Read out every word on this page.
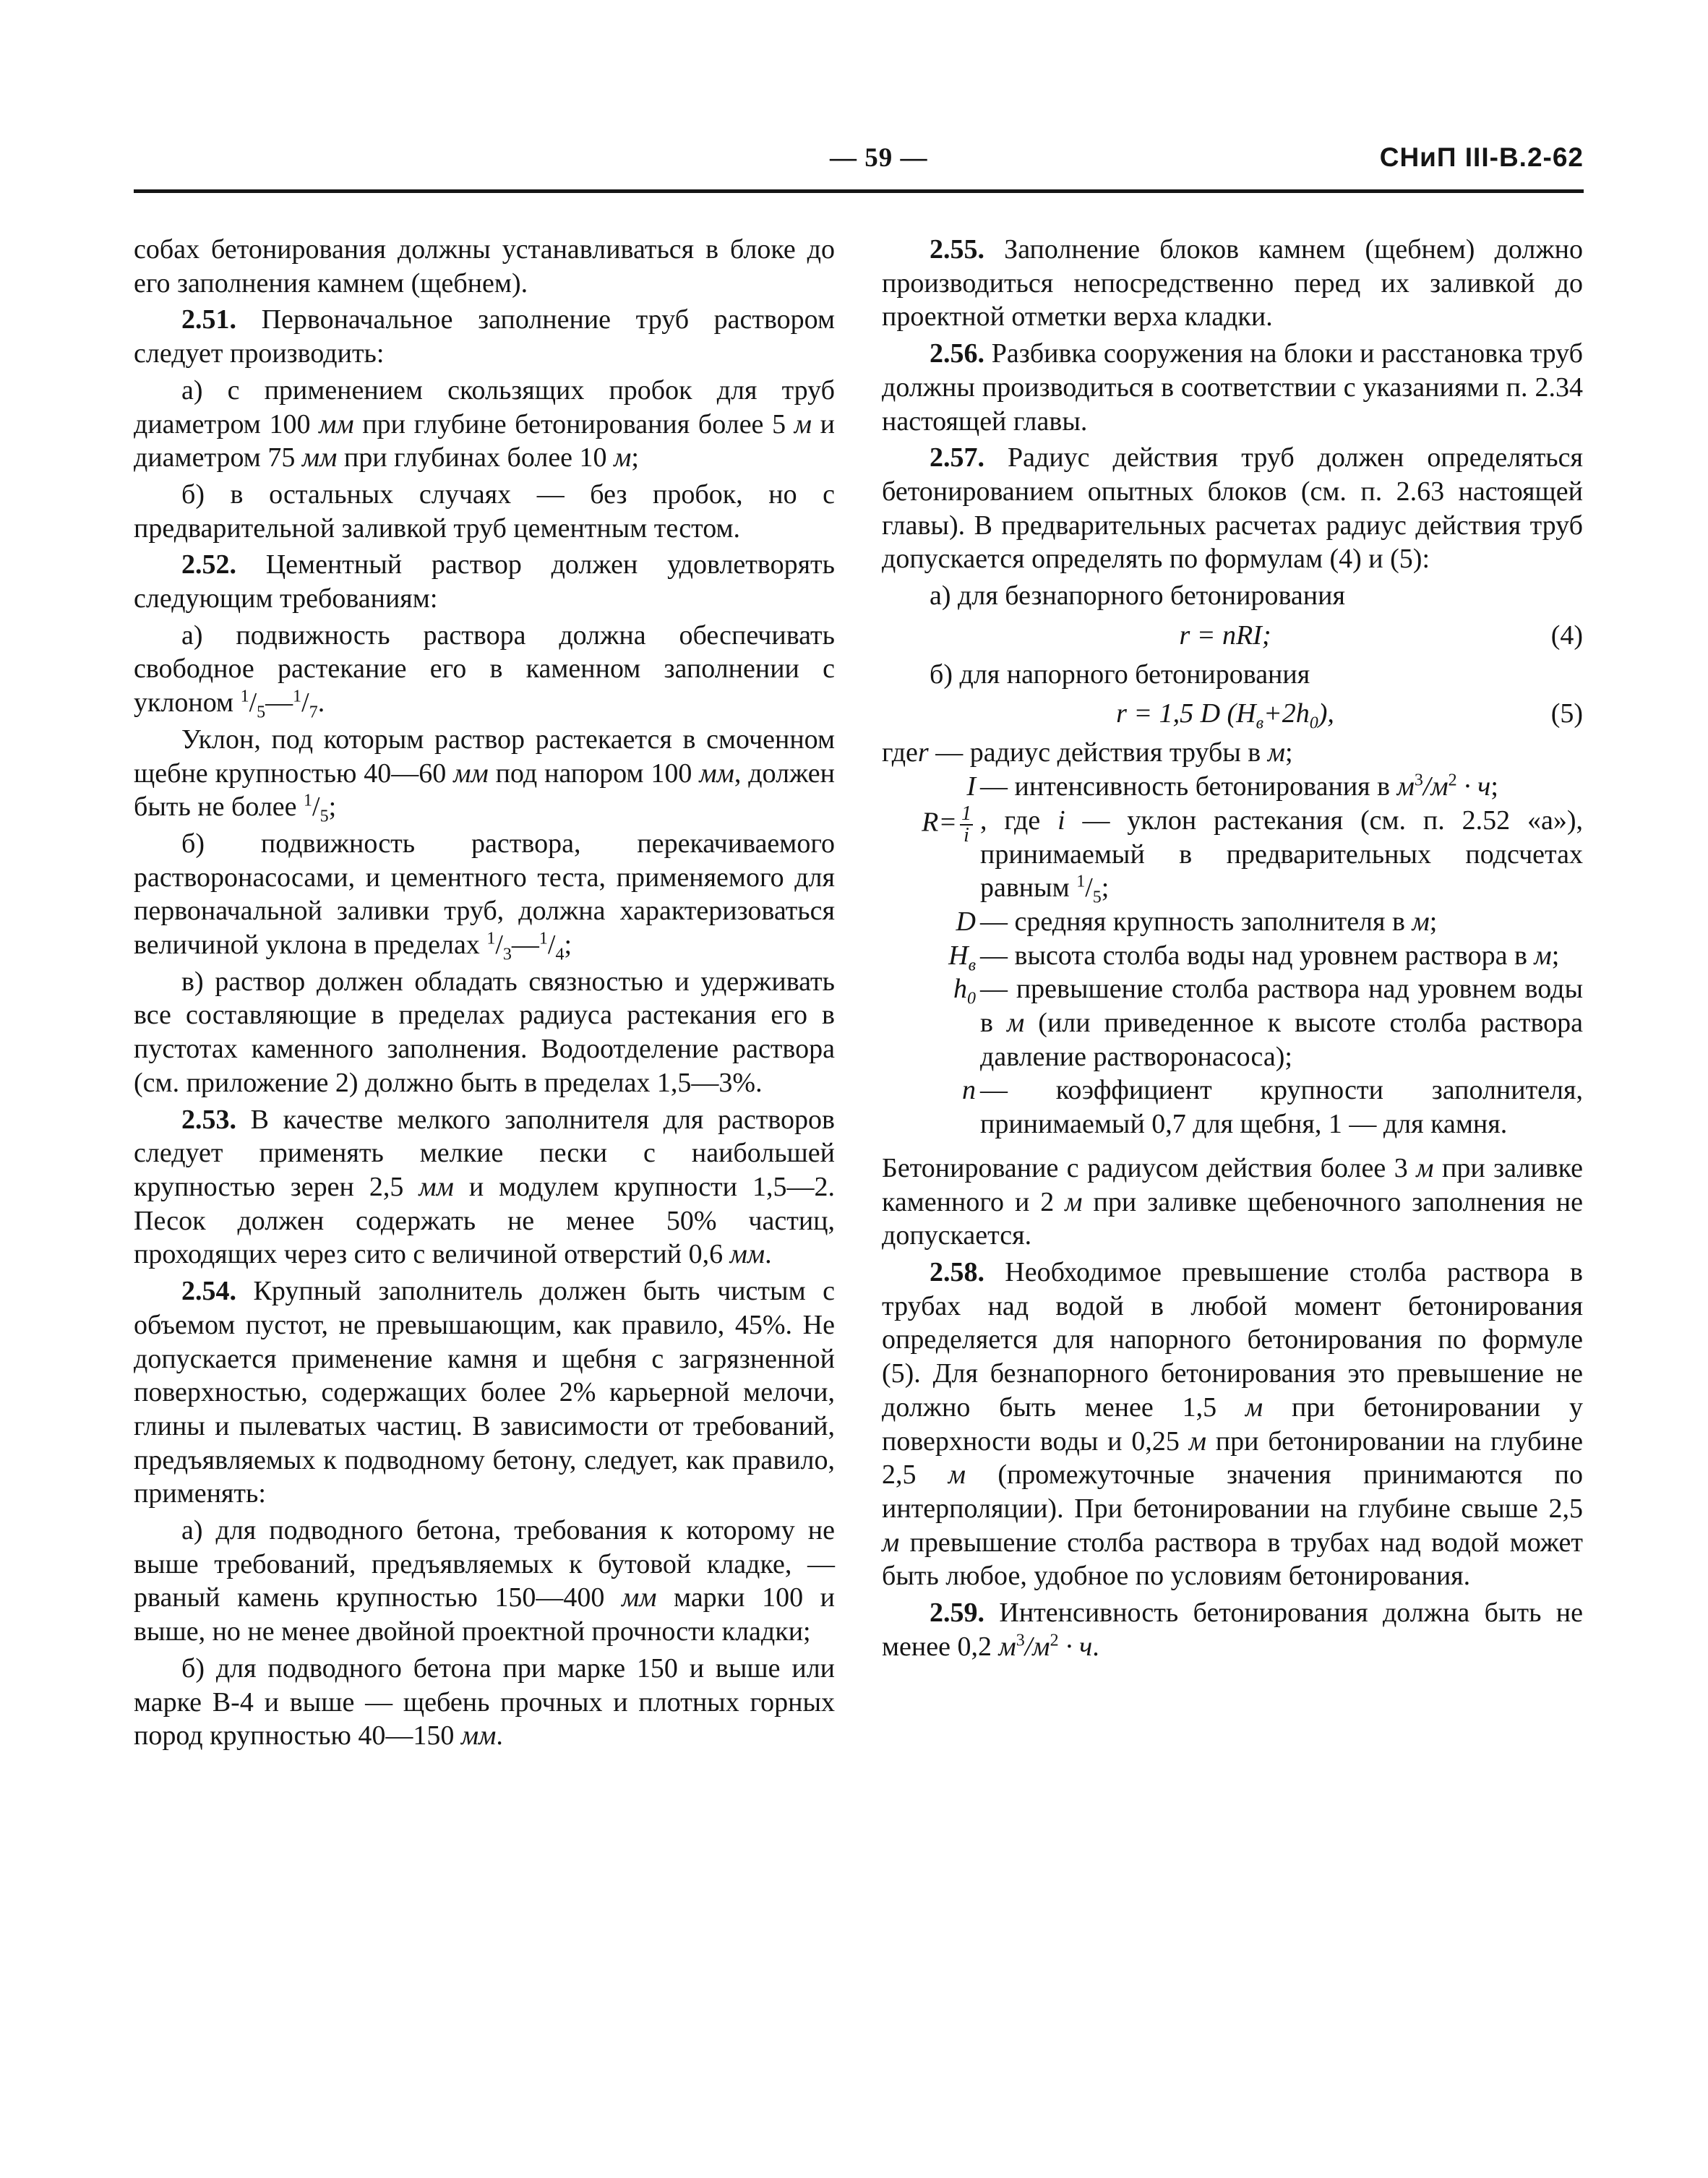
— 59 —	СНиП III-В.2-62

собах бетонирования должны устанавливаться в блоке до его заполнения камнем (щебнем).

2.51. Первоначальное заполнение труб раствором следует производить:

а) с применением скользящих пробок для труб диаметром 100 мм при глубине бетонирования более 5 м и диаметром 75 мм при глубинах более 10 м;

б) в остальных случаях — без пробок, но с предварительной заливкой труб цементным тестом.

2.52. Цементный раствор должен удовлетворять следующим требованиям:

а) подвижность раствора должна обеспечивать свободное растекание его в каменном заполнении с уклоном $^1/_5—^1/_7$.

Уклон, под которым раствор растекается в смоченном щебне крупностью 40—60 мм под напором 100 мм, должен быть не более $^1/_5$;

б) подвижность раствора, перекачиваемого растворонасосами, и цементного теста, применяемого для первоначальной заливки труб, должна характеризоваться величиной уклона в пределах $^1/_3—^1/_4$;

в) раствор должен обладать связностью и удерживать все составляющие в пределах радиуса растекания его в пустотах каменного заполнения. Водоотделение раствора (см. приложение 2) должно быть в пределах 1,5—3%.

2.53. В качестве мелкого заполнителя для растворов следует применять мелкие пески с наибольшей крупностью зерен 2,5 мм и модулем крупности 1,5—2. Песок должен содержать не менее 50% частиц, проходящих через сито с величиной отверстий 0,6 мм.

2.54. Крупный заполнитель должен быть чистым с объемом пустот, не превышающим, как правило, 45%. Не допускается применение камня и щебня с загрязненной поверхностью, содержащих более 2% карьерной мелочи, глины и пылеватых частиц. В зависимости от требований, предъявляемых к подводному бетону, следует, как правило, применять:

а) для подводного бетона, требования к которому не выше требований, предъявляемых к бутовой кладке, — рваный камень крупностью 150—400 мм марки 100 и выше, но не менее двойной проектной прочности кладки;

б) для подводного бетона при марке 150 и выше или марке В-4 и выше — щебень прочных и плотных горных пород крупностью 40—150 мм.

2.55. Заполнение блоков камнем (щебнем) должно производиться непосредственно перед их заливкой до проектной отметки верха кладки.

2.56. Разбивка сооружения на блоки и расстановка труб должны производиться в соответствии с указаниями п. 2.34 настоящей главы.

2.57. Радиус действия труб должен определяться бетонированием опытных блоков (см. п. 2.63 настоящей главы). В предварительных расчетах радиус действия труб допускается определять по формулам (4) и (5):

а) для безнапорного бетонирования

r = nRI;	(4)

б) для напорного бетонирования

r = 1,5 D $(H_в+2h_0)$,	(5)
где r — радиус действия трубы в м;
I — интенсивность бетонирования в $м^3/м^2 \cdot ч$;
$R= \frac{1}{i}$ , где i — уклон растекания (см. п. 2.52 «а»), принимаемый в предварительных подсчетах равным $^1/_5$;
D — средняя крупность заполнителя в м;
$H_в$ — высота столба воды над уровнем раствора в м;
$h_0$ — превышение столба раствора над уровнем воды в м (или приведенное к высоте столба раствора давление растворонасоса);
n — коэффициент крупности заполнителя, принимаемый 0,7 для щебня, 1 — для камня.

Бетонирование с радиусом действия более 3 м при заливке каменного и 2 м при заливке щебеночного заполнения не допускается.

2.58. Необходимое превышение столба раствора в трубах над водой в любой момент бетонирования определяется для напорного бетонирования по формуле (5). Для безнапорного бетонирования это превышение не должно быть менее 1,5 м при бетонировании у поверхности воды и 0,25 м при бетонировании на глубине 2,5 м (промежуточные значения принимаются по интерполяции). При бетонировании на глубине свыше 2,5 м превышение столба раствора в трубах над водой может быть любое, удобное по условиям бетонирования.

2.59. Интенсивность бетонирования должна быть не менее 0,2 $м^3/м^2 \cdot ч$.
